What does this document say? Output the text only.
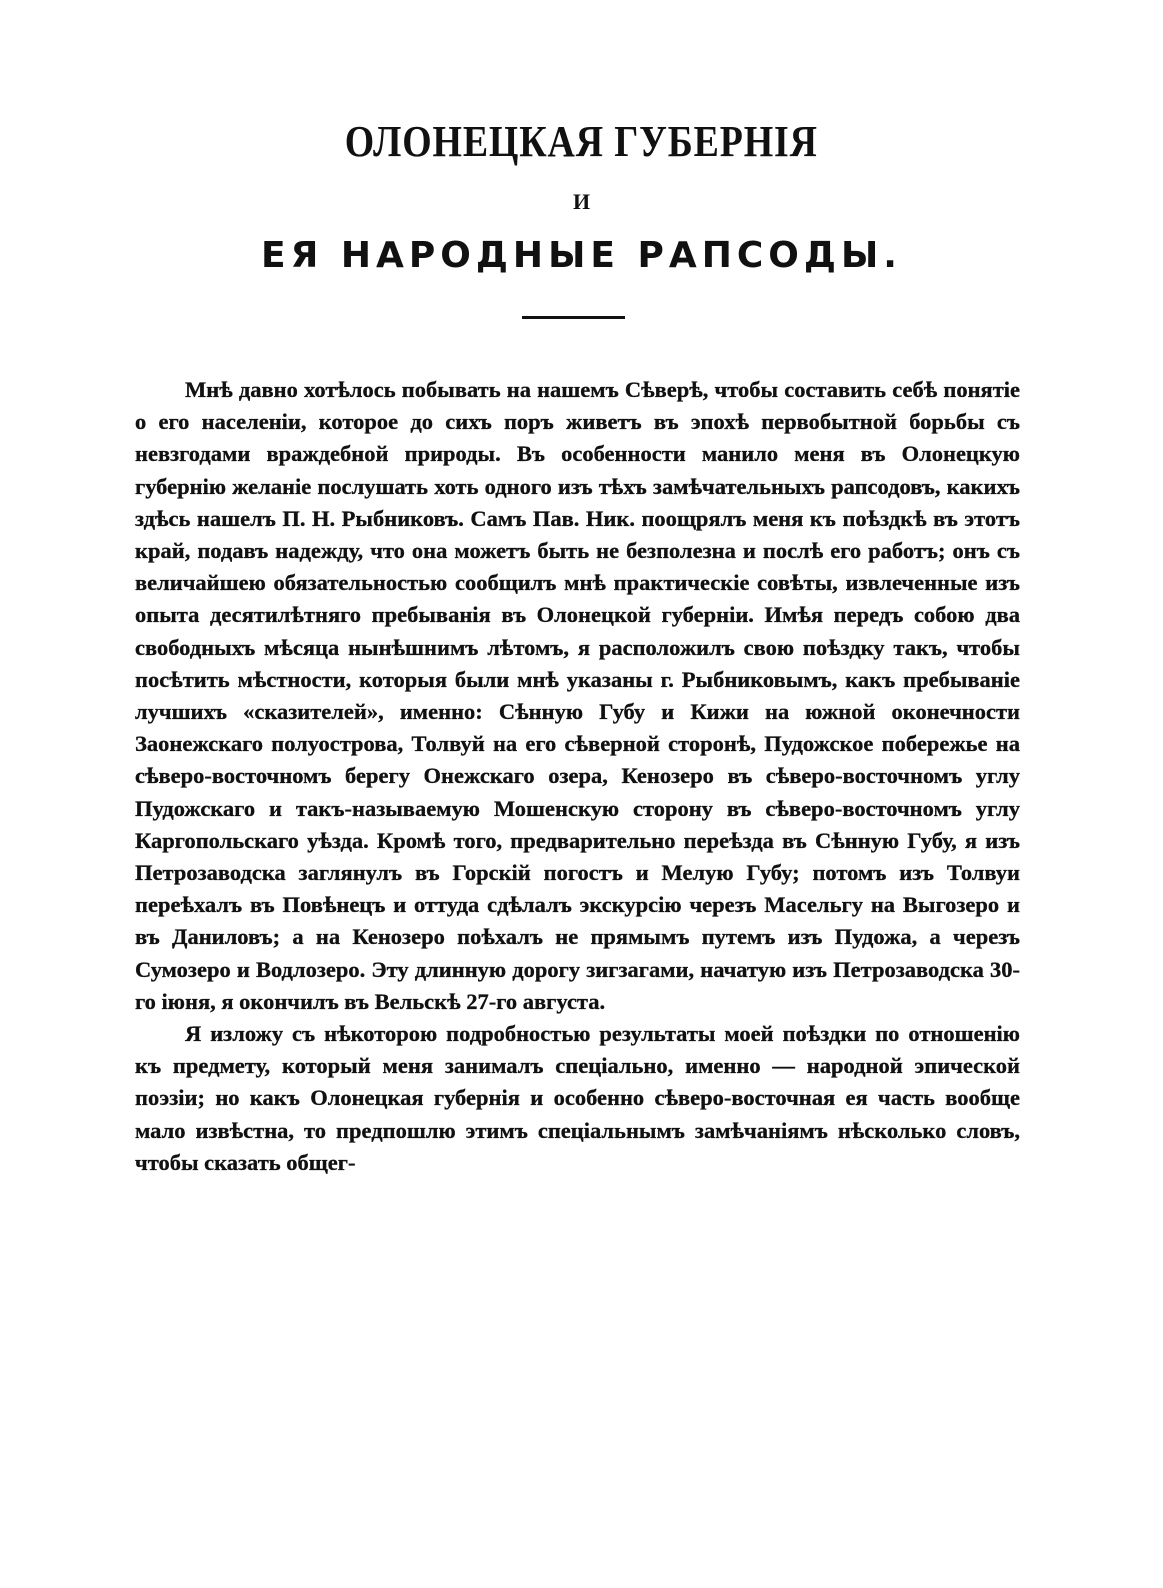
ОЛОНЕЦКАЯ ГУБЕРНІЯ
И
ЕЯ НАРОДНЫЕ РАПСОДЫ.

Мнѣ давно хотѣлось побывать на нашемъ Сѣверѣ, чтобы составить себѣ понятіе о его населеніи, которое до сихъ поръ живетъ въ эпохѣ первобытной борьбы съ невзгодами враждебной природы. Въ особенности манило меня въ Олонецкую губернію желаніе послушать хоть одного изъ тѣхъ замѣчательныхъ рапсодовъ, какихъ здѣсь нашелъ П. Н. Рыбниковъ. Самъ Пав. Ник. поощрялъ меня къ поѣздкѣ въ этотъ край, подавъ надежду, что она можетъ быть не безполезна и послѣ его работъ; онъ съ величайшею обязательностью сообщилъ мнѣ практическіе совѣты, извлеченные изъ опыта десятилѣтняго пребыванія въ Олонецкой губерніи. Имѣя передъ собою два свободныхъ мѣсяца нынѣшнимъ лѣтомъ, я расположилъ свою поѣздку такъ, чтобы посѣтить мѣстности, которыя были мнѣ указаны г. Рыбниковымъ, какъ пребываніе лучшихъ «сказителей», именно: Сѣнную Губу и Кижи на южной оконечности Заонежскаго полуострова, Толвуй на его сѣверной сторонѣ, Пудожское побережье на сѣверо-восточномъ берегу Онежскаго озера, Кенозеро въ сѣверо-восточномъ углу Пудожскаго и такъ-называемую Мошенскую сторону въ сѣверо-восточномъ углу Каргопольскаго уѣзда. Кромѣ того, предварительно переѣзда въ Сѣнную Губу, я изъ Петрозаводска заглянулъ въ Горскій погостъ и Мелую Губу; потомъ изъ Толвуи переѣхалъ въ Повѣнецъ и оттуда сдѣлалъ экскурсію черезъ Масельгу на Выгозеро и въ Даниловъ; а на Кенозеро поѣхалъ не прямымъ путемъ изъ Пудожа, а черезъ Сумозеро и Водлозеро. Эту длинную дорогу зигзагами, начатую изъ Петрозаводска 30-го іюня, я окончилъ въ Вельскѣ 27-го августа.

Я изложу съ нѣкоторою подробностью результаты моей поѣздки по отношенію къ предмету, который меня занималъ спеціально, именно — народной эпической поэзіи; но какъ Олонецкая губернія и особенно сѣверо-восточная ея часть вообще мало извѣстна, то предпошлю этимъ спеціальнымъ замѣчаніямъ нѣсколько словъ, чтобы сказать общег-
